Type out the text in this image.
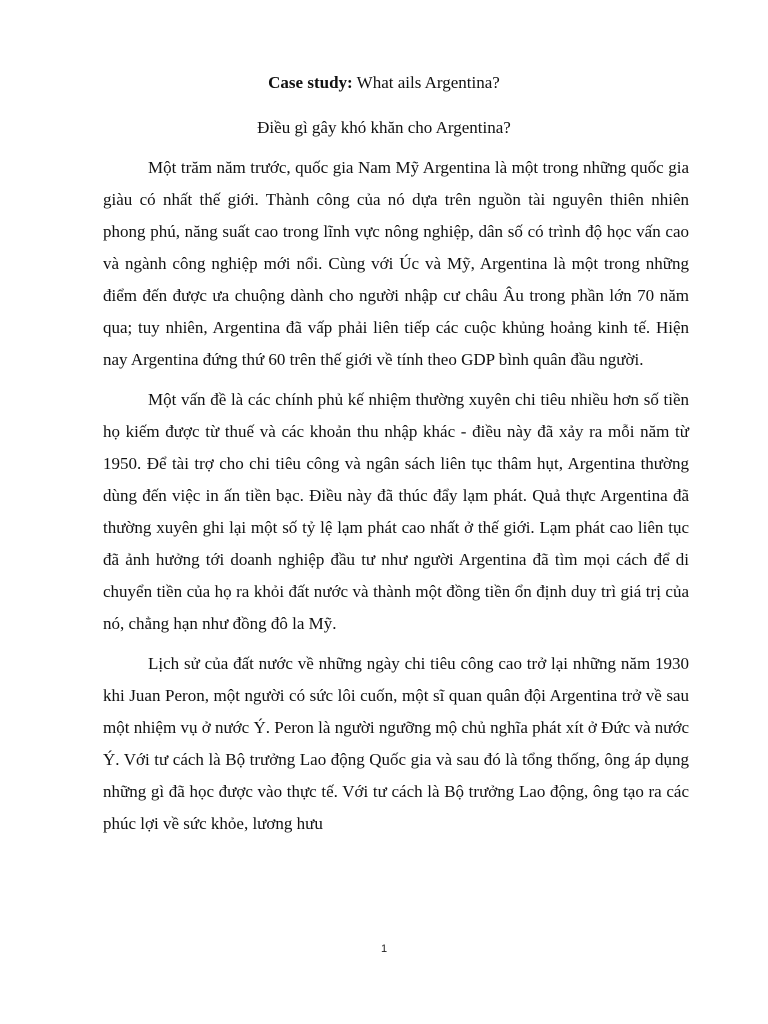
Case study: What ails Argentina?

Điều gì gây khó khăn cho Argentina?

Một trăm năm trước, quốc gia Nam Mỹ Argentina là một trong những quốc gia giàu có nhất thế giới. Thành công của nó dựa trên nguồn tài nguyên thiên nhiên phong phú, năng suất cao trong lĩnh vực nông nghiệp, dân số có trình độ học vấn cao và ngành công nghiệp mới nổi. Cùng với Úc và Mỹ, Argentina là một trong những điểm đến được ưa chuộng dành cho người nhập cư châu Âu trong phần lớn 70 năm qua; tuy nhiên, Argentina đã vấp phải liên tiếp các cuộc khủng hoảng kinh tế. Hiện nay Argentina đứng thứ 60 trên thế giới về tính theo GDP bình quân đầu người.

Một vấn đề là các chính phủ kế nhiệm thường xuyên chi tiêu nhiều hơn số tiền họ kiếm được từ thuế và các khoản thu nhập khác - điều này đã xảy ra mỗi năm từ 1950. Để tài trợ cho chi tiêu công và ngân sách liên tục thâm hụt, Argentina thường dùng đến việc in ấn tiền bạc. Điều này đã thúc đẩy lạm phát. Quả thực Argentina đã thường xuyên ghi lại một số tỷ lệ lạm phát cao nhất ở thế giới. Lạm phát cao liên tục đã ảnh hưởng tới doanh nghiệp đầu tư như người Argentina đã tìm mọi cách để di chuyển tiền của họ ra khỏi đất nước và thành một đồng tiền ổn định duy trì giá trị của nó, chẳng hạn như đồng đô la Mỹ.

Lịch sử của đất nước về những ngày chi tiêu công cao trở lại những năm 1930 khi Juan Peron, một người có sức lôi cuốn, một sĩ quan quân đội Argentina trở về sau một nhiệm vụ ở nước Ý. Peron là người ngưỡng mộ chủ nghĩa phát xít ở Đức và nước Ý. Với tư cách là Bộ trưởng Lao động Quốc gia và sau đó là tổng thống, ông áp dụng những gì đã học được vào thực tế. Với tư cách là Bộ trưởng Lao động, ông tạo ra các phúc lợi về sức khỏe, lương hưu

1
